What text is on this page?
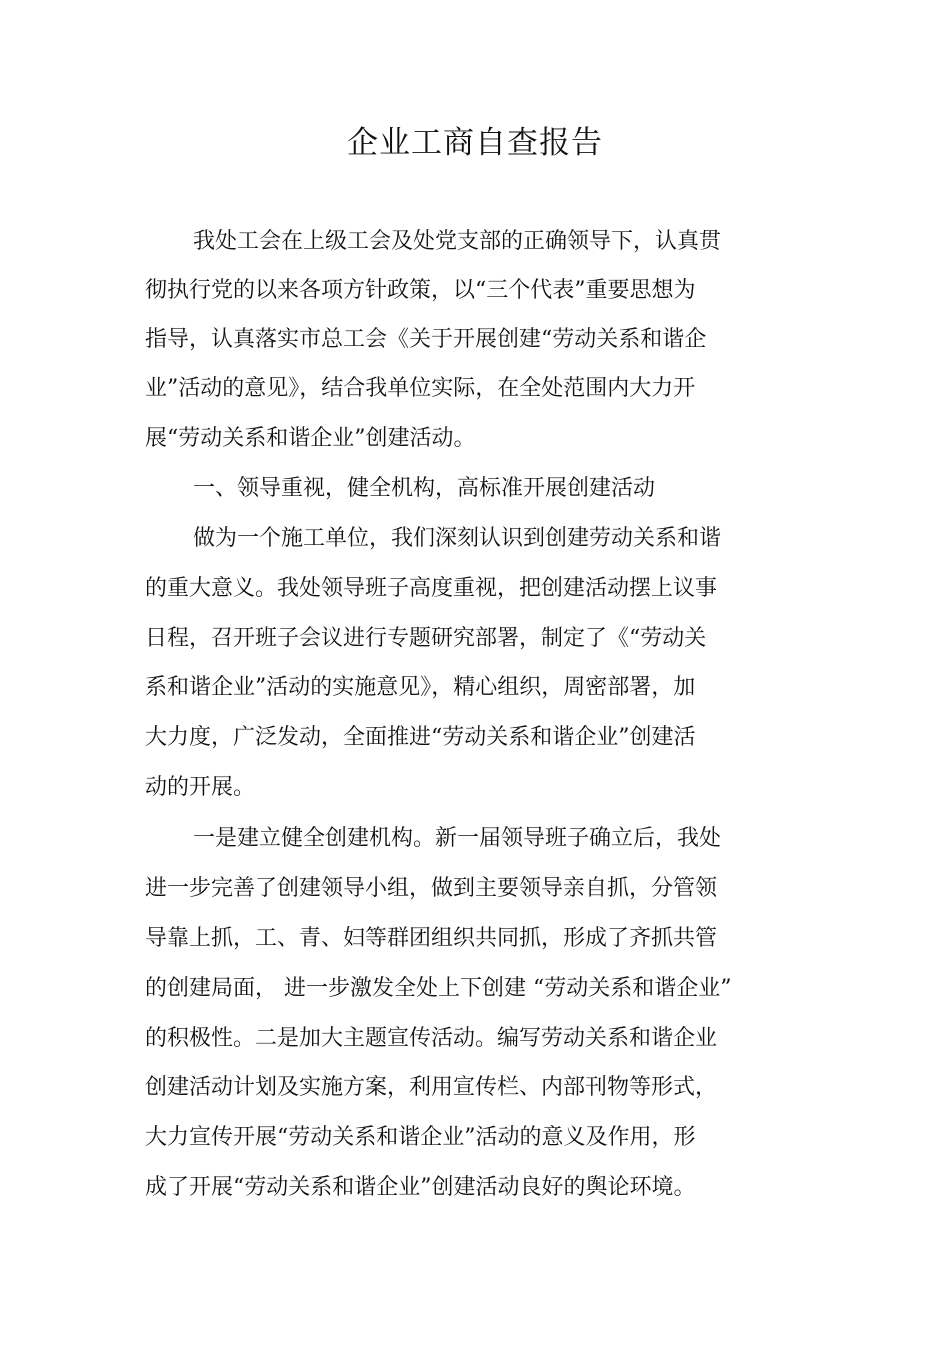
企业工商自查报告
我处工会在上级工会及处党支部的正确领导下，认真贯
彻执行党的以来各项方针政策，以“三个代表”重要思想为
指导，认真落实市总工会《关于开展创建“劳动关系和谐企
业”活动的意见》，结合我单位实际，在全处范围内大力开
展“劳动关系和谐企业”创建活动。
一、领导重视，健全机构，高标准开展创建活动
做为一个施工单位，我们深刻认识到创建劳动关系和谐
的重大意义。我处领导班子高度重视，把创建活动摆上议事
日程，召开班子会议进行专题研究部署，制定了《“劳动关
系和谐企业”活动的实施意见》，精心组织，周密部署，加
大力度，广泛发动，全面推进“劳动关系和谐企业”创建活
动的开展。
一是建立健全创建机构。新一届领导班子确立后，我处
进一步完善了创建领导小组，做到主要领导亲自抓，分管领
导靠上抓，工、青、妇等群团组织共同抓，形成了齐抓共管
的创建局面， 进一步激发全处上下创建 “劳动关系和谐企业”
的积极性。二是加大主题宣传活动。编写劳动关系和谐企业
创建活动计划及实施方案，利用宣传栏、内部刊物等形式，
大力宣传开展“劳动关系和谐企业”活动的意义及作用，形
成了开展“劳动关系和谐企业”创建活动良好的舆论环境。
